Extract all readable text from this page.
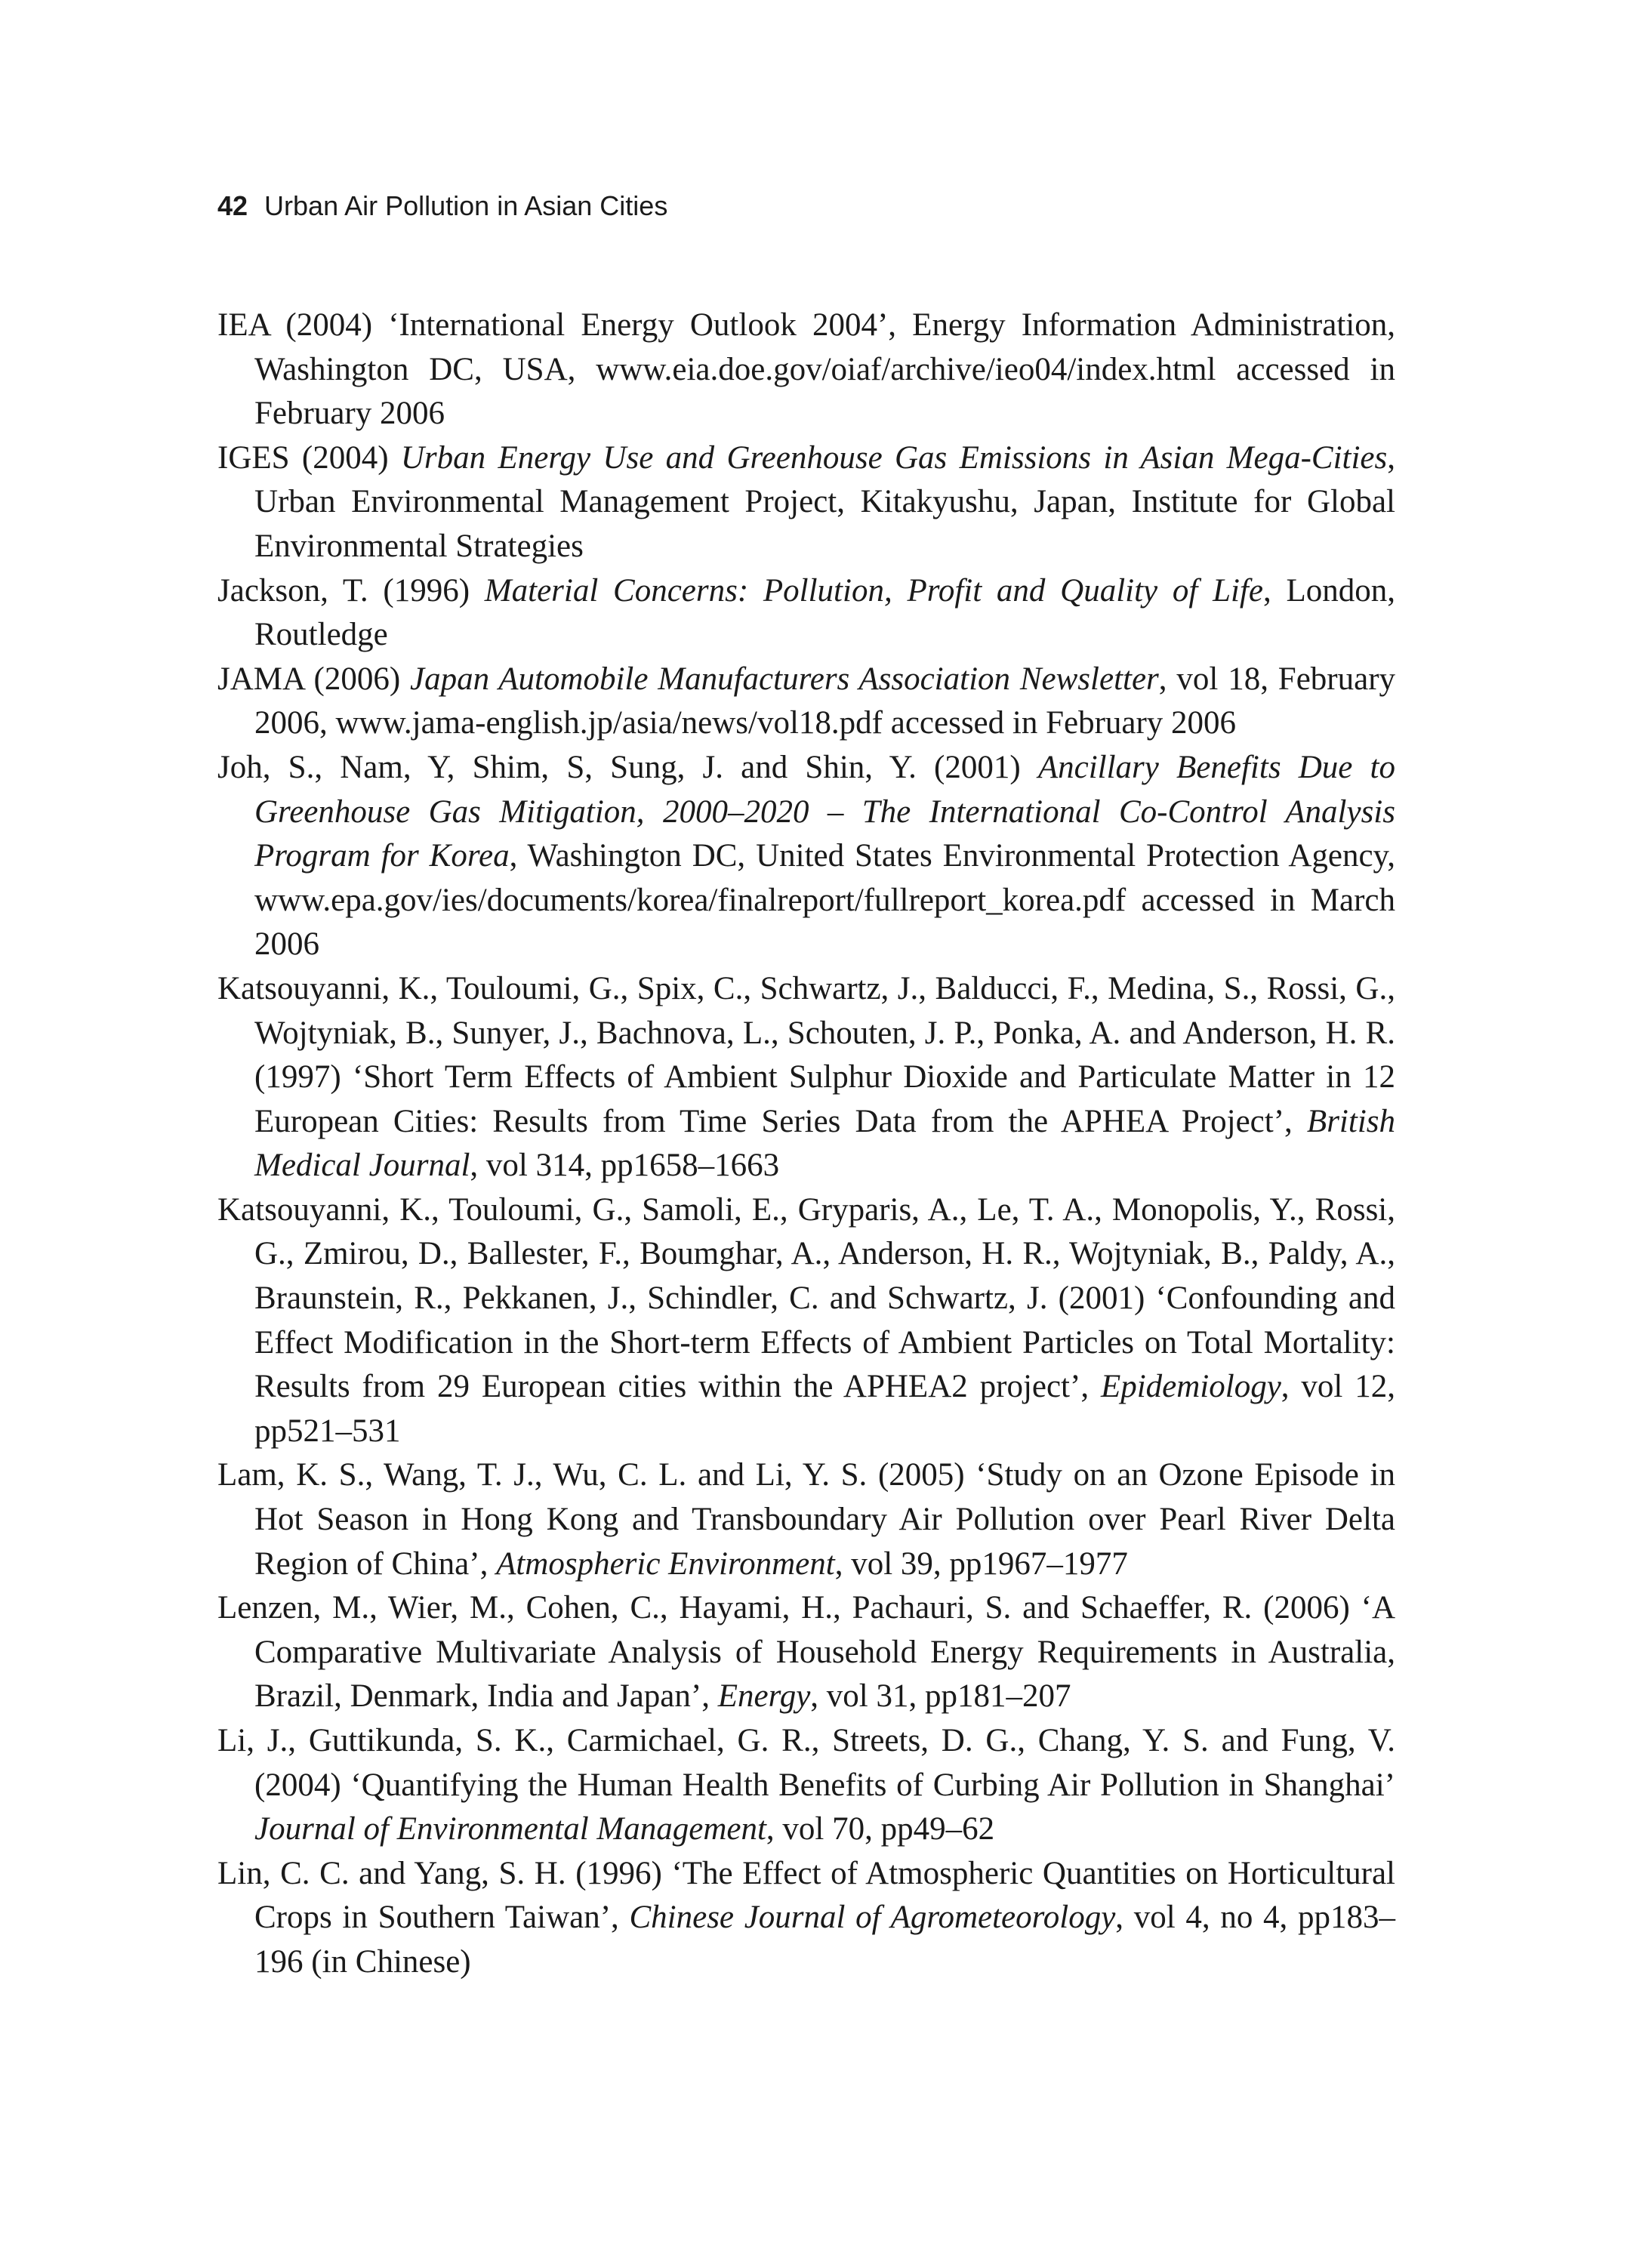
42 Urban Air Pollution in Asian Cities

IEA (2004) ‘International Energy Outlook 2004’, Energy Information Administration, Washington DC, USA, www.eia.doe.gov/oiaf/archive/ieo04/index.html accessed in February 2006

IGES (2004) Urban Energy Use and Greenhouse Gas Emissions in Asian Mega-Cities, Urban Environmental Management Project, Kitakyushu, Japan, Institute for Global Environmental Strategies

Jackson, T. (1996) Material Concerns: Pollution, Profit and Quality of Life, London, Routledge

JAMA (2006) Japan Automobile Manufacturers Association Newsletter, vol 18, February 2006, www.jama-english.jp/asia/news/vol18.pdf accessed in February 2006

Joh, S., Nam, Y, Shim, S, Sung, J. and Shin, Y. (2001) Ancillary Benefits Due to Greenhouse Gas Mitigation, 2000–2020 – The International Co-Control Analysis Program for Korea, Washington DC, United States Environmental Protection Agency, www.epa.gov/ies/documents/korea/finalreport/fullreport_korea.pdf accessed in March 2006

Katsouyanni, K., Touloumi, G., Spix, C., Schwartz, J., Balducci, F., Medina, S., Rossi, G., Wojtyniak, B., Sunyer, J., Bachnova, L., Schouten, J. P., Ponka, A. and Anderson, H. R. (1997) ‘Short Term Effects of Ambient Sulphur Dioxide and Particulate Matter in 12 European Cities: Results from Time Series Data from the APHEA Project’, British Medical Journal, vol 314, pp1658–1663

Katsouyanni, K., Touloumi, G., Samoli, E., Gryparis, A., Le, T. A., Monopolis, Y., Rossi, G., Zmirou, D., Ballester, F., Boumghar, A., Anderson, H. R., Wojtyniak, B., Paldy, A., Braunstein, R., Pekkanen, J., Schindler, C. and Schwartz, J. (2001) ‘Confounding and Effect Modification in the Short-term Effects of Ambient Particles on Total Mortality: Results from 29 European cities within the APHEA2 project’, Epidemiology, vol 12, pp521–531

Lam, K. S., Wang, T. J., Wu, C. L. and Li, Y. S. (2005) ‘Study on an Ozone Episode in Hot Season in Hong Kong and Transboundary Air Pollution over Pearl River Delta Region of China’, Atmospheric Environment, vol 39, pp1967–1977

Lenzen, M., Wier, M., Cohen, C., Hayami, H., Pachauri, S. and Schaeffer, R. (2006) ‘A Comparative Multivariate Analysis of Household Energy Requirements in Australia, Brazil, Denmark, India and Japan’, Energy, vol 31, pp181–207

Li, J., Guttikunda, S. K., Carmichael, G. R., Streets, D. G., Chang, Y. S. and Fung, V. (2004) ‘Quantifying the Human Health Benefits of Curbing Air Pollution in Shanghai’ Journal of Environmental Management, vol 70, pp49–62

Lin, C. C. and Yang, S. H. (1996) ‘The Effect of Atmospheric Quantities on Horticultural Crops in Southern Taiwan’, Chinese Journal of Agrometeorology, vol 4, no 4, pp183–196 (in Chinese)
